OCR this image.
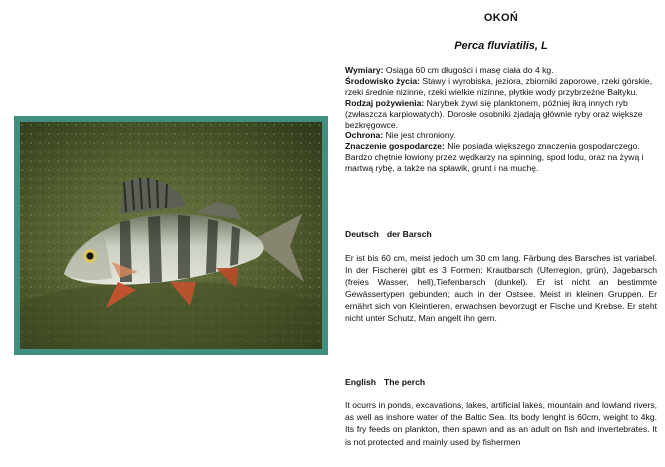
OKOŃ
Perca fluviatilis, L

Wymiary: Osiąga 60 cm długości i masę ciała do 4 kg.

Środowisko życia: Stawy i wyrobiska, jeziora, zbiorniki zaporowe, rzeki górskie, rzeki średnie nizinne, rzeki wielkie nizinne, płytkie wody przybrzeżne Bałtyku.

Rodzaj pożywienia: Narybek żywi się planktonem, później ikrą innych ryb (zwłaszcza karpiowatych). Dorosłe osobniki zjadają głównie ryby oraz większe bezkręgowce.

Ochrona: Nie jest chroniony.

Znaczenie gospodarcze: Nie posiada większego znaczenia gospodarczego. Bardzo chętnie łowiony przez wędkarzy na spinning, spod lodu, oraz na żywą i martwą rybę, a także na spławik, grunt i na muchę.

Deutsch der Barsch
Er ist bis 60 cm, meist jedoch um 30 cm lang. Färbung des Barsches ist variabel. In der Fischerei gibt es 3 Formen: Krautbarsch (Uferregion, grün), Jagebarsch (freies Wasser, hell),Tiefenbarsch (dunkel). Er ist nicht an bestimmte Gewässertypen gebunden; auch in der Ostsee. Meist in kleinen Gruppen. Er ernährt sich von Kleintieren, erwachsen bevorzugt er Fische und Krebse. Er steht nicht unter Schutz, Man angelt ihn gern.
English The perch
It ocurrs in ponds, excavations, lakes, artificial lakes, mountain and lowland rivers, as well as inshore water of the Baltic Sea. Its body lenght is 60cm, weight to 4kg. Its fry feeds on plankton, then spawn and as an adult on fish and invertebrates. It is not protected and mainly used by fishermen
